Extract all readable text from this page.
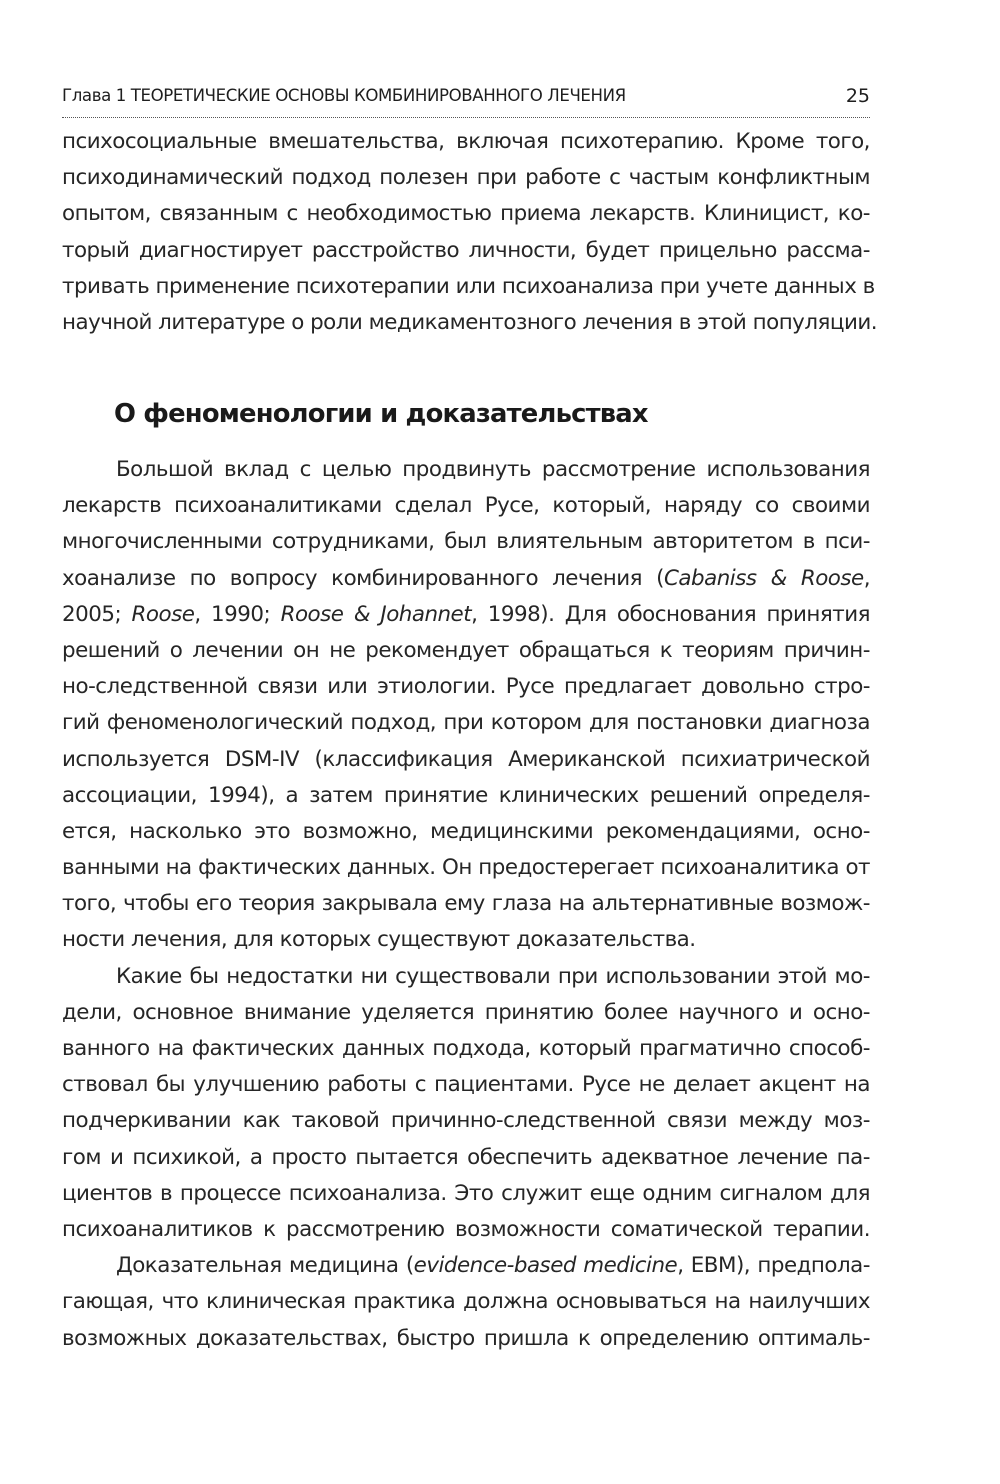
Глава 1 ТЕОРЕТИЧЕСКИЕ ОСНОВЫ КОМБИНИРОВАННОГО ЛЕЧЕНИЯ	25
психосоциальные вмешательства, включая психотерапию. Кроме того,
психодинамический подход полезен при работе с частым конфликтным
опытом, связанным с необходимостью приема лекарств. Клиницист, ко-
торый диагностирует расстройство личности, будет прицельно рассма-
тривать применение психотерапии или психоанализа при учете данных в
научной литературе о роли медикаментозного лечения в этой популяции.
О феноменологии и доказательствах
Большой вклад с целью продвинуть рассмотрение использования
лекарств психоаналитиками сделал Русе, который, наряду со своими
многочисленными сотрудниками, был влиятельным авторитетом в пси-
хоанализе по вопросу комбинированного лечения (Cabaniss & Roose,
2005; Roose, 1990; Roose & Johannet, 1998). Для обоснования принятия
решений о лечении он не рекомендует обращаться к теориям причин-
но-следственной связи или этиологии. Русе предлагает довольно стро-
гий феноменологический подход, при котором для постановки диагноза
используется DSM-IV (классификация Американской психиатрической
ассоциации, 1994), а затем принятие клинических решений определя-
ется, насколько это возможно, медицинскими рекомендациями, осно-
ванными на фактических данных. Он предостерегает психоаналитика от
того, чтобы его теория закрывала ему глаза на альтернативные возмож-
ности лечения, для которых существуют доказательства.
Какие бы недостатки ни существовали при использовании этой мо-
дели, основное внимание уделяется принятию более научного и осно-
ванного на фактических данных подхода, который прагматично способ-
ствовал бы улучшению работы с пациентами. Русе не делает акцент на
подчеркивании как таковой причинно-следственной связи между моз-
гом и психикой, а просто пытается обеспечить адекватное лечение па-
циентов в процессе психоанализа. Это служит еще одним сигналом для
психоаналитиков к рассмотрению возможности соматической терапии.
Доказательная медицина (evidence-based medicine, EBM), предпола-
гающая, что клиническая практика должна основываться на наилучших
возможных доказательствах, быстро пришла к определению оптималь-
